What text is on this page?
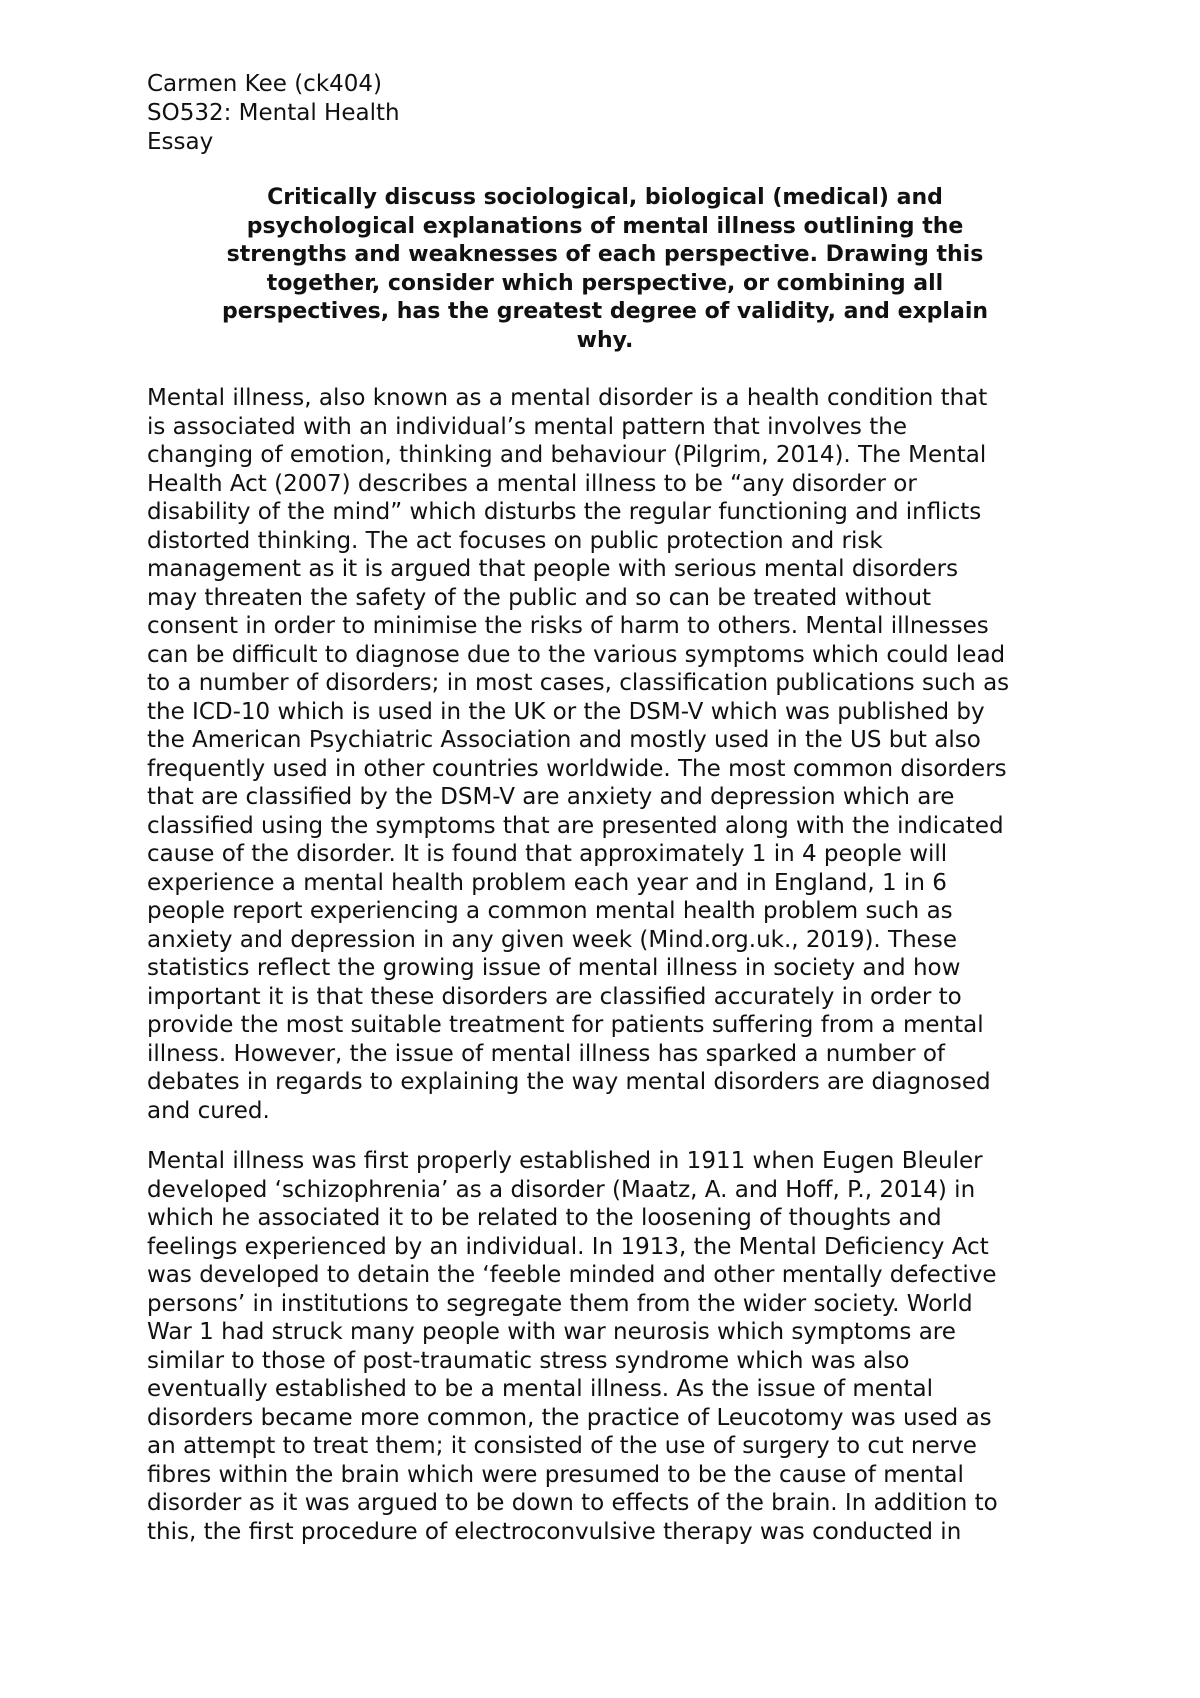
Carmen Kee (ck404)
SO532: Mental Health
Essay
Critically discuss sociological, biological (medical) and
psychological explanations of mental illness outlining the
strengths and weaknesses of each perspective. Drawing this
together, consider which perspective, or combining all
perspectives, has the greatest degree of validity, and explain
why.
Mental illness, also known as a mental disorder is a health condition that
is associated with an individual’s mental pattern that involves the
changing of emotion, thinking and behaviour (Pilgrim, 2014). The Mental
Health Act (2007) describes a mental illness to be “any disorder or
disability of the mind” which disturbs the regular functioning and inflicts
distorted thinking. The act focuses on public protection and risk
management as it is argued that people with serious mental disorders
may threaten the safety of the public and so can be treated without
consent in order to minimise the risks of harm to others. Mental illnesses
can be difficult to diagnose due to the various symptoms which could lead
to a number of disorders; in most cases, classification publications such as
the ICD-10 which is used in the UK or the DSM-V which was published by
the American Psychiatric Association and mostly used in the US but also
frequently used in other countries worldwide. The most common disorders
that are classified by the DSM-V are anxiety and depression which are
classified using the symptoms that are presented along with the indicated
cause of the disorder. It is found that approximately 1 in 4 people will
experience a mental health problem each year and in England, 1 in 6
people report experiencing a common mental health problem such as
anxiety and depression in any given week (Mind.org.uk., 2019). These
statistics reflect the growing issue of mental illness in society and how
important it is that these disorders are classified accurately in order to
provide the most suitable treatment for patients suffering from a mental
illness. However, the issue of mental illness has sparked a number of
debates in regards to explaining the way mental disorders are diagnosed
and cured.
Mental illness was first properly established in 1911 when Eugen Bleuler
developed ‘schizophrenia’ as a disorder (Maatz, A. and Hoff, P., 2014) in
which he associated it to be related to the loosening of thoughts and
feelings experienced by an individual. In 1913, the Mental Deficiency Act
was developed to detain the ‘feeble minded and other mentally defective
persons’ in institutions to segregate them from the wider society. World
War 1 had struck many people with war neurosis which symptoms are
similar to those of post-traumatic stress syndrome which was also
eventually established to be a mental illness. As the issue of mental
disorders became more common, the practice of Leucotomy was used as
an attempt to treat them; it consisted of the use of surgery to cut nerve
fibres within the brain which were presumed to be the cause of mental
disorder as it was argued to be down to effects of the brain. In addition to
this, the first procedure of electroconvulsive therapy was conducted in
